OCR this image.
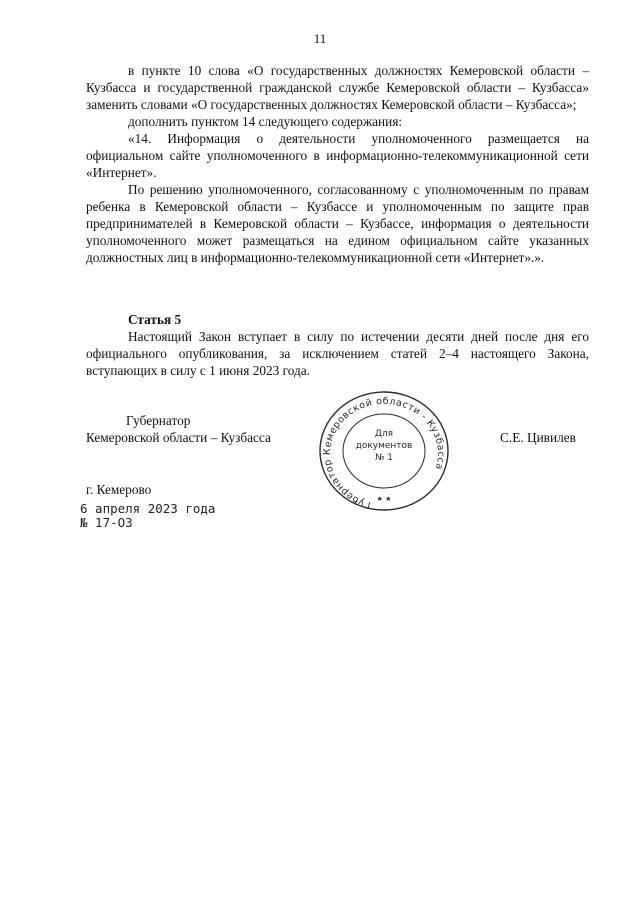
11

в пункте 10 слова «О государственных должностях Кемеровской области – Кузбасса и государственной гражданской службе Кемеровской области – Кузбасса» заменить словами «О государственных должностях Кемеровской области – Кузбасса»;

дополнить пунктом 14 следующего содержания:

«14. Информация о деятельности уполномоченного размещается на официальном сайте уполномоченного в информационно-телекоммуникационной сети «Интернет».

По решению уполномоченного, согласованному с уполномоченным по правам ребенка в Кемеровской области – Кузбассе и уполномоченным по защите прав предпринимателей в Кемеровской области – Кузбассе, информация о деятельности уполномоченного может размещаться на едином официальном сайте указанных должностных лиц в информационно-телекоммуникационной сети «Интернет».».

Статья 5

Настоящий Закон вступает в силу по истечении десяти дней после дня его официального опубликования, за исключением статей 2–4 настоящего Закона, вступающих в силу с 1 июня 2023 года.

Губернатор
Кемеровской области – Кузбасса	С.Е. Цивилев
Губернатор Кемеровской области - Кузбасса
Для
документов
№ 1
★ ★
г. Кемерово
6 апреля 2023 года
№ 17-ОЗ
